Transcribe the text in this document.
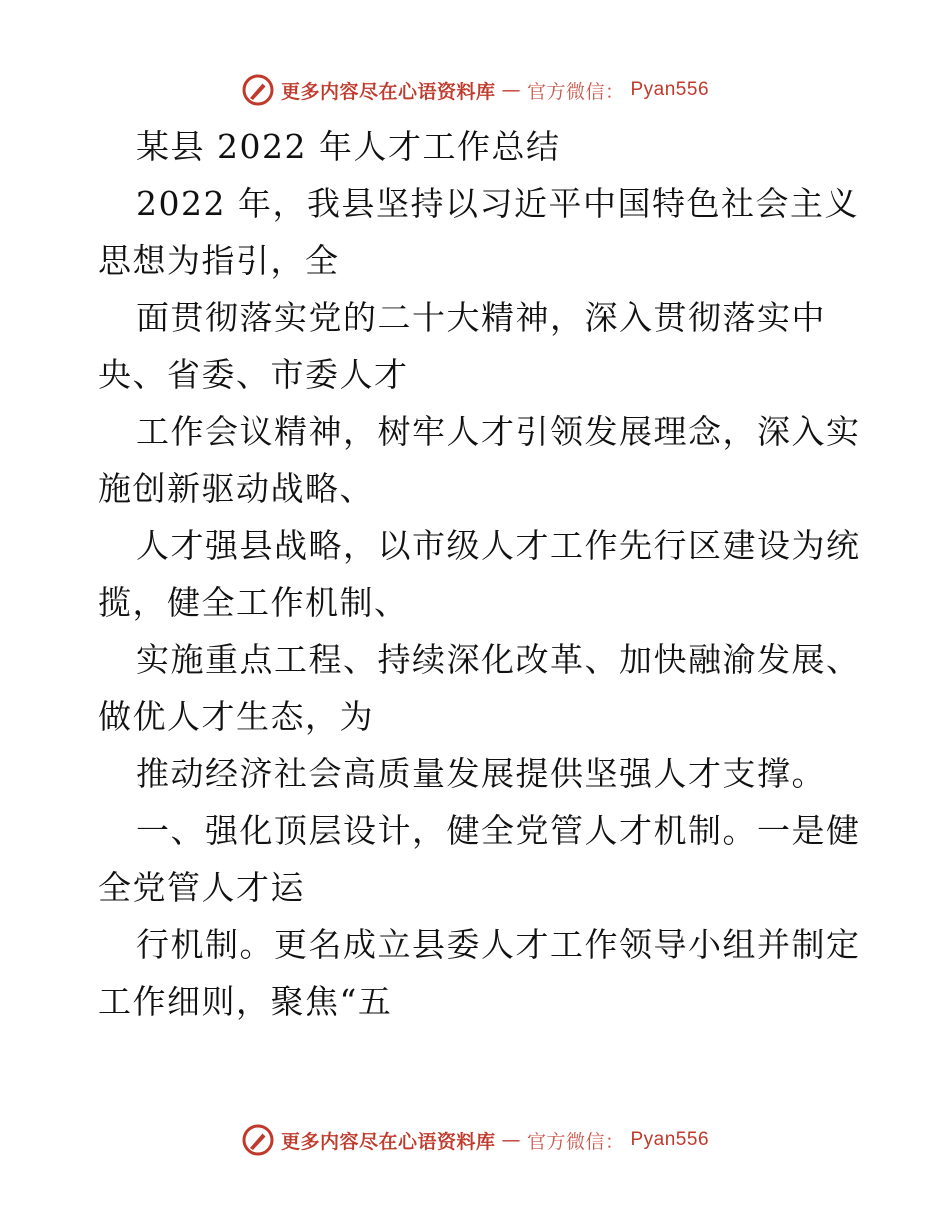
更多内容尽在心语资料库 — 官方微信： Pyan556
某县 2022 年人才工作总结
2022 年，我县坚持以习近平中国特色社会主义
思想为指引，全
面贯彻落实党的二十大精神，深入贯彻落实中
央、省委、市委人才
工作会议精神，树牢人才引领发展理念，深入实
施创新驱动战略、
人才强县战略，以市级人才工作先行区建设为统
揽，健全工作机制、
实施重点工程、持续深化改革、加快融渝发展、
做优人才生态，为
推动经济社会高质量发展提供坚强人才支撑。
一、强化顶层设计，健全党管人才机制。一是健
全党管人才运
行机制。更名成立县委人才工作领导小组并制定
工作细则，聚焦“五
更多内容尽在心语资料库 — 官方微信： Pyan556
